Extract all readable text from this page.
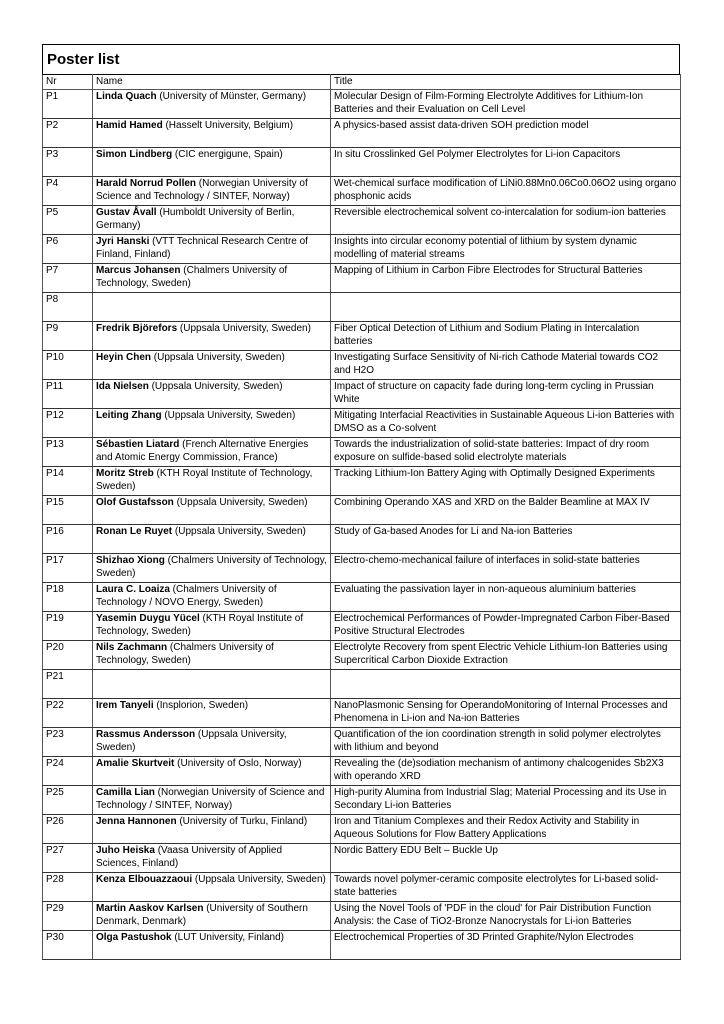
Poster list
Nr	Name	Title
P1	Linda Quach (University of Münster, Germany)	Molecular Design of Film-Forming Electrolyte Additives for Lithium-Ion Batteries and their Evaluation on Cell Level
P2	Hamid Hamed (Hasselt University, Belgium)	A physics-based assist data-driven SOH prediction model
P3	Simon Lindberg (CIC energigune, Spain)	In situ Crosslinked Gel Polymer Electrolytes for Li-ion Capacitors
P4	Harald Norrud Pollen (Norwegian University of Science and Technology / SINTEF, Norway)	Wet-chemical surface modification of LiNi0.88Mn0.06Co0.06O2 using organo phosphonic acids
P5	Gustav Åvall (Humboldt University of Berlin, Germany)	Reversible electrochemical solvent co-intercalation for sodium-ion batteries
P6	Jyri Hanski (VTT Technical Research Centre of Finland, Finland)	Insights into circular economy potential of lithium by system dynamic modelling of material streams
P7	Marcus Johansen (Chalmers University of Technology, Sweden)	Mapping of Lithium in Carbon Fibre Electrodes for Structural Batteries
P8		
P9	Fredrik Björefors (Uppsala University, Sweden)	Fiber Optical Detection of Lithium and Sodium Plating in Intercalation batteries
P10	Heyin Chen (Uppsala University, Sweden)	Investigating Surface Sensitivity of Ni-rich Cathode Material towards CO2 and H2O
P11	Ida Nielsen (Uppsala University, Sweden)	Impact of structure on capacity fade during long-term cycling in Prussian White
P12	Leiting Zhang (Uppsala University, Sweden)	Mitigating Interfacial Reactivities in Sustainable Aqueous Li-ion Batteries with DMSO as a Co-solvent
P13	Sébastien Liatard (French Alternative Energies and Atomic Energy Commission, France)	Towards the industrialization of solid-state batteries: Impact of dry room exposure on sulfide-based solid electrolyte materials
P14	Moritz Streb (KTH Royal Institute of Technology, Sweden)	Tracking Lithium-Ion Battery Aging with Optimally Designed Experiments
P15	Olof Gustafsson (Uppsala University, Sweden)	Combining Operando XAS and XRD on the Balder Beamline at MAX IV
P16	Ronan Le Ruyet (Uppsala University, Sweden)	Study of Ga-based Anodes for Li and Na-ion Batteries
P17	Shizhao Xiong (Chalmers University of Technology, Sweden)	Electro-chemo-mechanical failure of interfaces in solid-state batteries
P18	Laura C. Loaiza (Chalmers University of Technology / NOVO Energy, Sweden)	Evaluating the passivation layer in non-aqueous aluminium batteries
P19	Yasemin Duygu Yücel (KTH Royal Institute of Technology, Sweden)	Electrochemical Performances of Powder-Impregnated Carbon Fiber-Based Positive Structural Electrodes
P20	Nils Zachmann (Chalmers University of Technology, Sweden)	Electrolyte Recovery from spent Electric Vehicle Lithium-Ion Batteries using Supercritical Carbon Dioxide Extraction
P21		
P22	Irem Tanyeli (Insplorion, Sweden)	NanoPlasmonic Sensing for OperandoMonitoring of Internal Processes and Phenomena in Li-ion and Na-ion Batteries
P23	Rassmus Andersson (Uppsala University, Sweden)	Quantification of the ion coordination strength in solid polymer electrolytes with lithium and beyond
P24	Amalie Skurtveit (University of Oslo, Norway)	Revealing the (de)sodiation mechanism of antimony chalcogenides Sb2X3 with operando XRD
P25	Camilla Lian (Norwegian University of Science and Technology / SINTEF, Norway)	High-purity Alumina from Industrial Slag; Material Processing and its Use in Secondary Li-ion Batteries
P26	Jenna Hannonen (University of Turku, Finland)	Iron and Titanium Complexes and their Redox Activity and Stability in Aqueous Solutions for Flow Battery Applications
P27	Juho Heiska (Vaasa University of Applied Sciences, Finland)	Nordic Battery EDU Belt – Buckle Up
P28	Kenza Elbouazzaoui (Uppsala University, Sweden)	Towards novel polymer-ceramic composite electrolytes for Li-based solid-state batteries
P29	Martin Aaskov Karlsen (University of Southern Denmark, Denmark)	Using the Novel Tools of 'PDF in the cloud' for Pair Distribution Function Analysis: the Case of TiO2-Bronze Nanocrystals for Li-ion Batteries
P30	Olga Pastushok (LUT University, Finland)	Electrochemical Properties of 3D Printed Graphite/Nylon Electrodes
